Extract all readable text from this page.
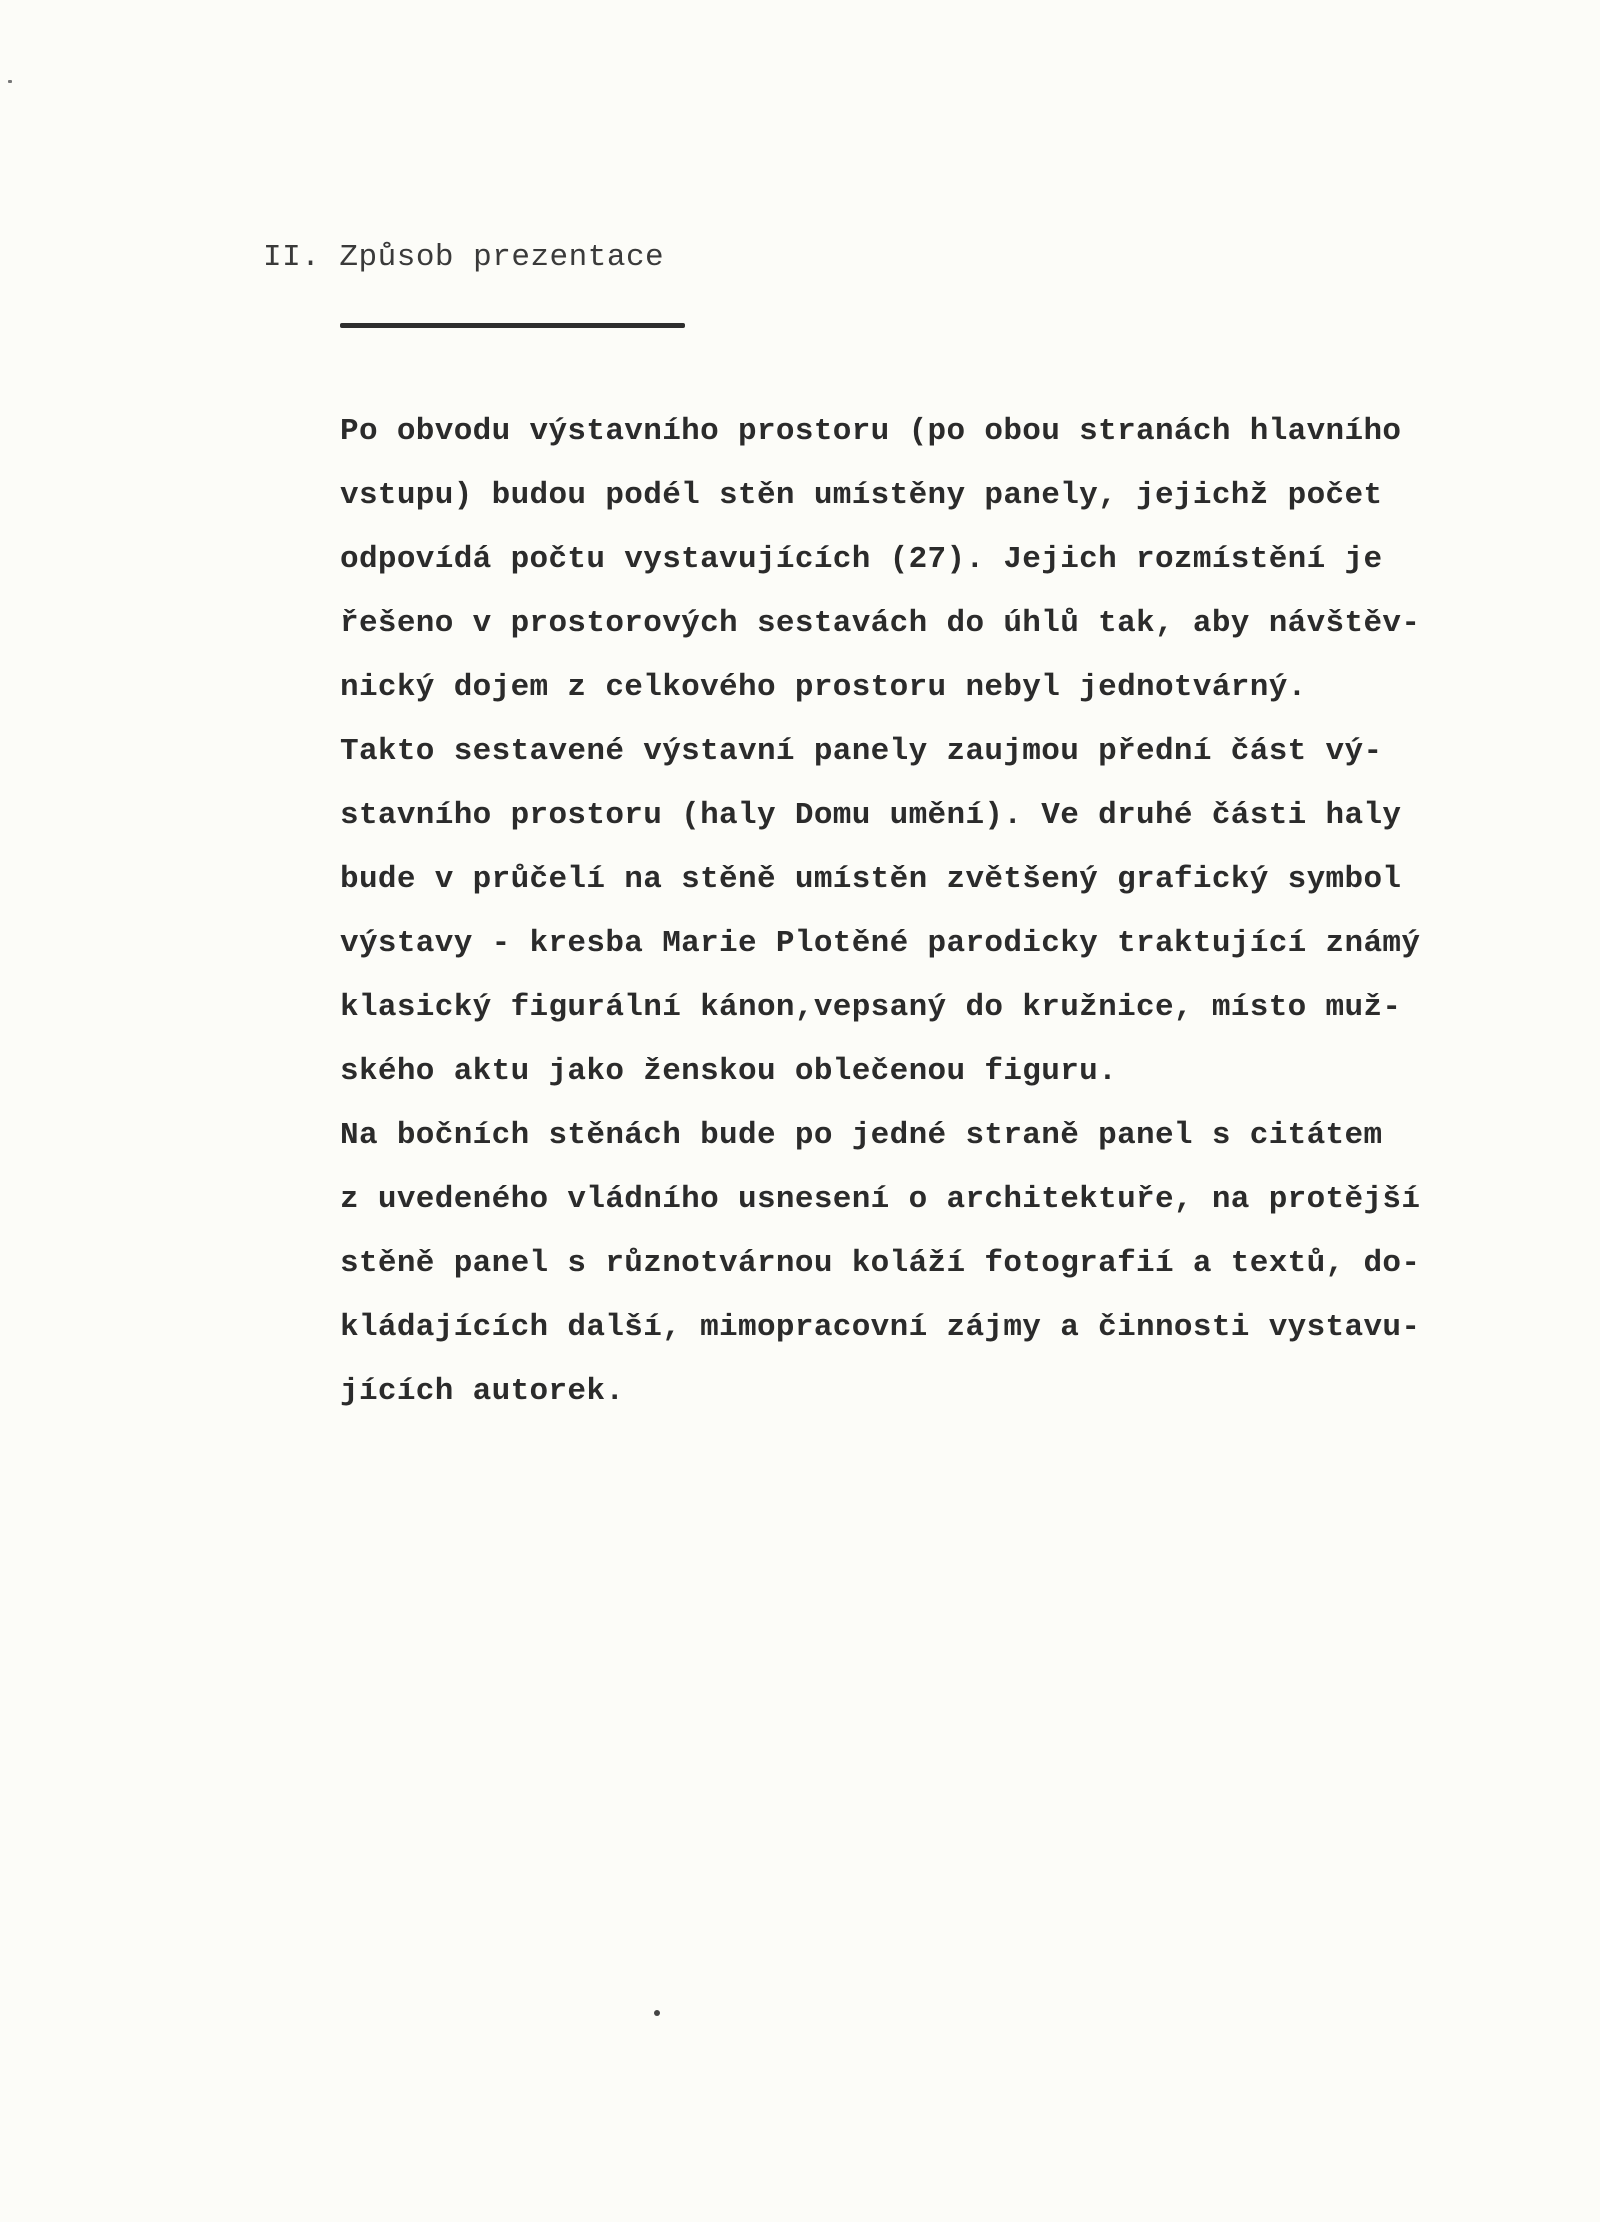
II. Způsob prezentace
Po obvodu výstavního prostoru (po obou stranách hlavního
vstupu) budou podél stěn umístěny panely, jejichž počet
odpovídá počtu vystavujících (27). Jejich rozmístění je
řešeno v prostorových sestavách do úhlů tak, aby návštěv-
nický dojem z celkového prostoru nebyl jednotvárný.
Takto sestavené výstavní panely zaujmou přední část vý-
stavního prostoru (haly Domu umění). Ve druhé části haly
bude v průčelí na stěně umístěn zvětšený grafický symbol
výstavy - kresba Marie Plotěné parodicky traktující známý
klasický figurální kánon,vepsaný do kružnice, místo muž-
ského aktu jako ženskou oblečenou figuru.
Na bočních stěnách bude po jedné straně panel s citátem
z uvedeného vládního usnesení o architektuře, na protější
stěně panel s různotvárnou koláží fotografií a textů, do-
kládajících další, mimopracovní zájmy a činnosti vystavu-
jících autorek.
